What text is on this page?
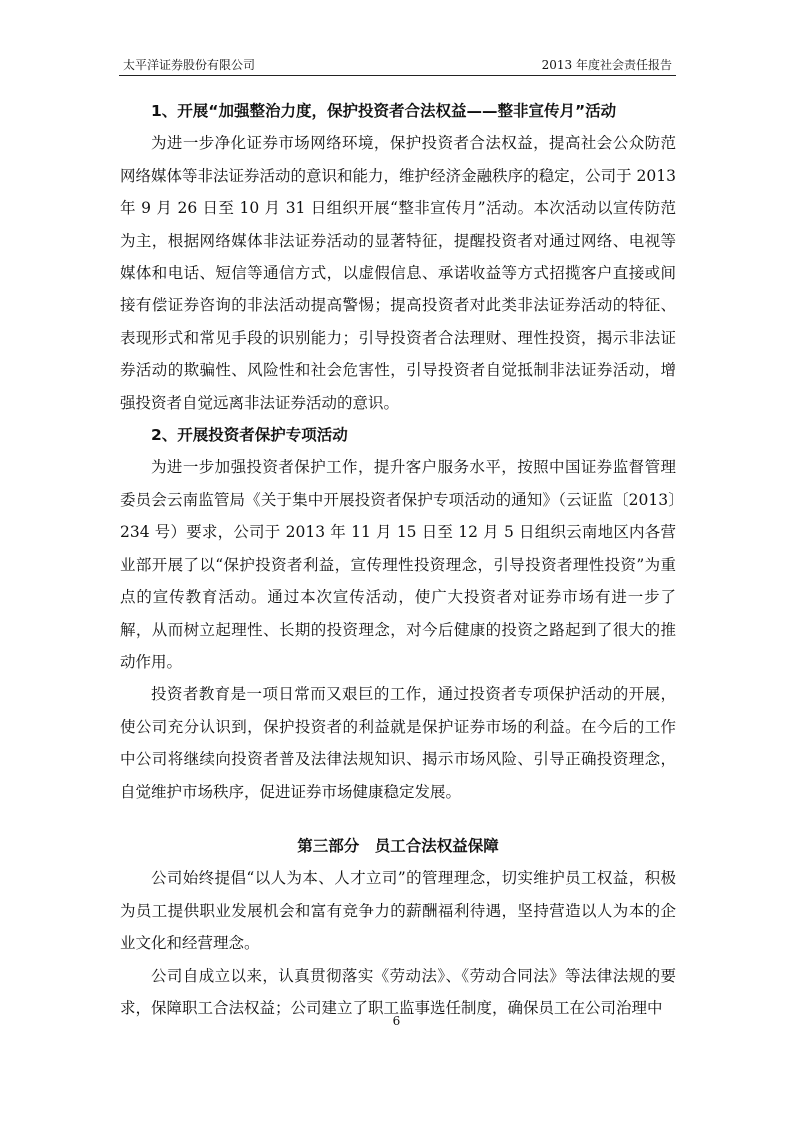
太平洋证券股份有限公司	2013 年度社会责任报告
1、开展“加强整治力度，保护投资者合法权益——整非宣传月”活动

为进一步净化证券市场网络环境，保护投资者合法权益，提高社会公众防范网络媒体等非法证券活动的意识和能力，维护经济金融秩序的稳定，公司于 2013 年 9 月 26 日至 10 月 31 日组织开展“整非宣传月”活动。本次活动以宣传防范为主，根据网络媒体非法证券活动的显著特征，提醒投资者对通过网络、电视等媒体和电话、短信等通信方式，以虚假信息、承诺收益等方式招揽客户直接或间接有偿证券咨询的非法活动提高警惕；提高投资者对此类非法证券活动的特征、表现形式和常见手段的识别能力；引导投资者合法理财、理性投资，揭示非法证券活动的欺骗性、风险性和社会危害性，引导投资者自觉抵制非法证券活动，增强投资者自觉远离非法证券活动的意识。

2、开展投资者保护专项活动

为进一步加强投资者保护工作，提升客户服务水平，按照中国证券监督管理委员会云南监管局《关于集中开展投资者保护专项活动的通知》（云证监〔2013〕234 号）要求，公司于 2013 年 11 月 15 日至 12 月 5 日组织云南地区内各营业部开展了以“保护投资者利益，宣传理性投资理念，引导投资者理性投资”为重点的宣传教育活动。通过本次宣传活动，使广大投资者对证券市场有进一步了解，从而树立起理性、长期的投资理念，对今后健康的投资之路起到了很大的推动作用。

投资者教育是一项日常而又艰巨的工作，通过投资者专项保护活动的开展，使公司充分认识到，保护投资者的利益就是保护证券市场的利益。在今后的工作中公司将继续向投资者普及法律法规知识、揭示市场风险、引导正确投资理念，自觉维护市场秩序，促进证券市场健康稳定发展。

第三部分　员工合法权益保障

公司始终提倡“以人为本、人才立司”的管理理念，切实维护员工权益，积极为员工提供职业发展机会和富有竞争力的薪酬福利待遇，坚持营造以人为本的企业文化和经营理念。

公司自成立以来，认真贯彻落实《劳动法》、《劳动合同法》等法律法规的要求，保障职工合法权益；公司建立了职工监事选任制度，确保员工在公司治理中

6
